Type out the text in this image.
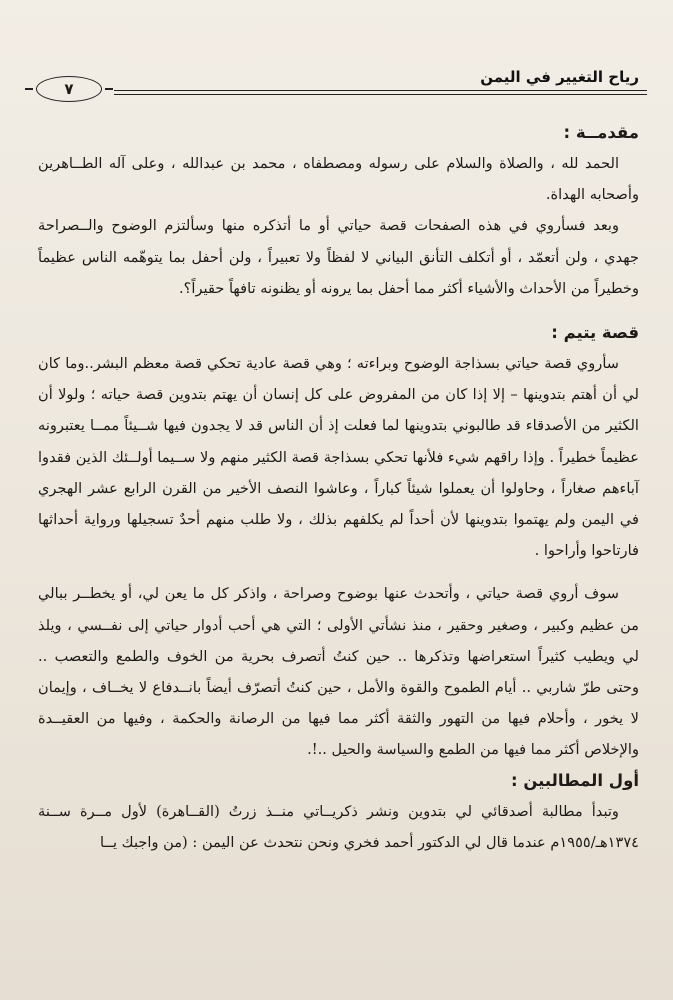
رياح التغيير في اليمن
٧
مقدمــة :

الحمد لله ، والصلاة والسلام على رسوله ومصطفاه ، محمد بن عبدالله ، وعلى آله الطــاهرين وأصحابه الهداة.

وبعد فسأروي في هذه الصفحات قصة حياتي أو ما أتذكره منها وسألتزم الوضوح والــصراحة جهدي ، ولن أتعمّد ، أو أتكلف التأنق البياني لا لفظاً ولا تعبيراً ، ولن أحفل بما يتوهّمه الناس عظيماً وخطيراً من الأحداث والأشياء أكثر مما أحفل بما يرونه أو يظنونه تافهاً حقيراً؟.

قصة يتيم :

سأروي قصة حياتي بسذاجة الوضوح وبراءته ؛ وهي قصة عادية تحكي قصة معظم البشر..وما كان لي أن أهتم بتدوينها – إلا إذا كان من المفروض على كل إنسان أن يهتم بتدوين قصة حياته ؛ ولولا أن الكثير من الأصدقاء قد طالبوني بتدوينها لما فعلت إذ أن الناس قد لا يجدون فيها شــيئاً ممــا يعتبرونه عظيماً خطيراً . وإذا راقهم شيء فلأنها تحكي بسذاجة قصة الكثير منهم ولا ســيما أولــئك الذين فقدوا آباءهم صغاراً ، وحاولوا أن يعملوا شيئاً كباراً ، وعاشوا النصف الأخير من القرن الرابع عشر الهجري في اليمن ولم يهتموا بتدوينها لأن أحداً لم يكلفهم بذلك ، ولا طلب منهم أحدٌ تسجيلها ورواية أحداثها فارتاحوا وأراحوا .

سوف أروي قصة حياتي ، وأتحدث عنها بوضوح وصراحة ، واذكر كل ما يعن لي، أو يخطــر ببالي من عظيم وكبير ، وصغير وحقير ، منذ نشأتي الأولى ؛ التي هي أحب أدوار حياتي إلى نفــسي ، ويلذ لي ويطيب كثيراً استعراضها وتذكرها .. حين كنتُ أتصرف بحرية من الخوف والطمع والتعصب .. وحتى طرّ شاربي .. أيام الطموح والقوة والأمل ، حين كنتُ أتصرّف أيضاً بانــدفاع لا يخــاف ، وإيمان لا يخور ، وأحلام فيها من التهور والثقة أكثر مما فيها من الرصانة والحكمة ، وفيها من العقيــدة والإخلاص أكثر مما فيها من الطمع والسياسة والحيل ..!.

أول المطالبين :

وتبدأ مطالبة أصدقائي لي بتدوين ونشر ذكريــاتي منــذ زرتُ (القــاهرة) لأول مــرة ســنة ١٣٧٤هـ/١٩٥٥م عندما قال لي الدكتور أحمد فخري ونحن نتحدث عن اليمن : (من واجبك يــا
